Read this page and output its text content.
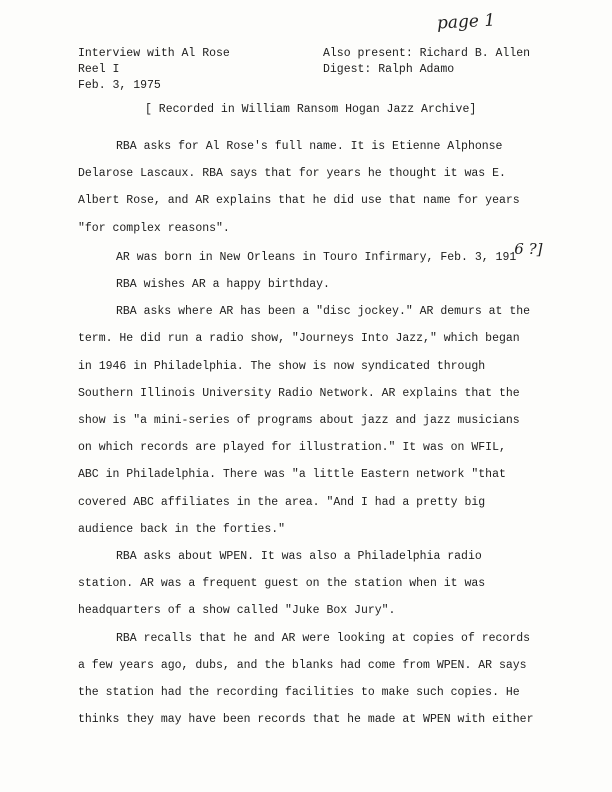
page 1
Interview with Al Rose
Reel I
Feb. 3, 1975
Also present: Richard B. Allen
Digest: Ralph Adamo

[ Recorded in William Ransom Hogan Jazz Archive]
RBA asks for Al Rose's full name. It is Etienne Alphonse
Delarose Lascaux. RBA says that for years he thought it was E.
Albert Rose, and AR explains that he did use that name for years
"for complex reasons".
AR was born in New Orleans in Touro Infirmary, Feb. 3, 1916 ?]
RBA wishes AR a happy birthday.
RBA asks where AR has been a "disc jockey." AR demurs at the
term. He did run a radio show, "Journeys Into Jazz," which began
in 1946 in Philadelphia. The show is now syndicated through
Southern Illinois University Radio Network. AR explains that the
show is "a mini-series of programs about jazz and jazz musicians
on which records are played for illustration." It was on WFIL,
ABC in Philadelphia. There was "a little Eastern network "that
covered ABC affiliates in the area. "And I had a pretty big
audience back in the forties."
RBA asks about WPEN. It was also a Philadelphia radio
station. AR was a frequent guest on the station when it was
headquarters of a show called "Juke Box Jury".
RBA recalls that he and AR were looking at copies of records
a few years ago, dubs, and the blanks had come from WPEN. AR says
the station had the recording facilities to make such copies. He
thinks they may have been records that he made at WPEN with either
